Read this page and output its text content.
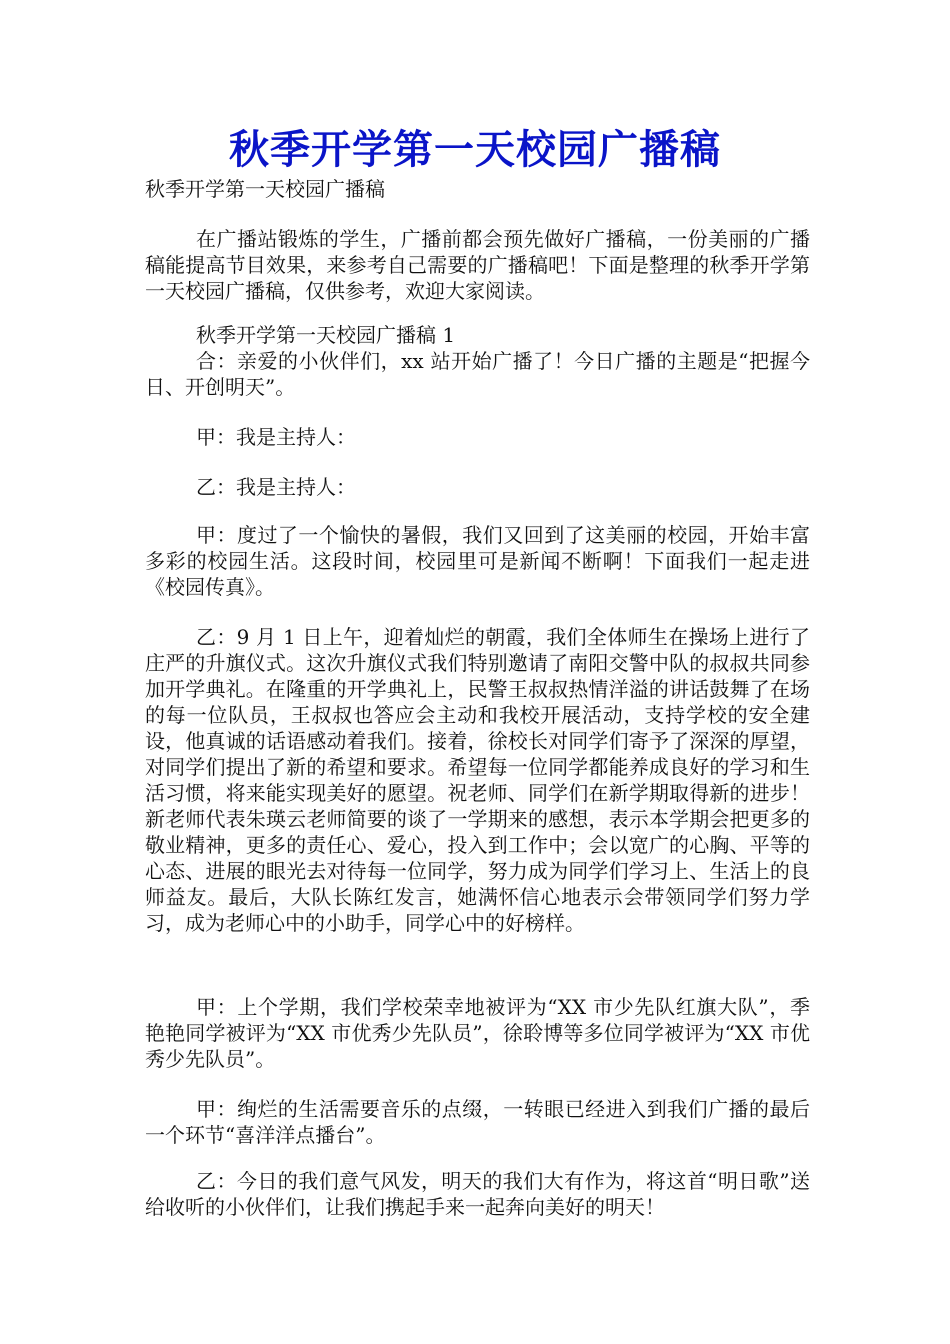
秋季开学第一天校园广播稿

秋季开学第一天校园广播稿

在广播站锻炼的学生，广播前都会预先做好广播稿，一份美丽的广播稿能提高节目效果，来参考自己需要的广播稿吧！下面是整理的秋季开学第一天校园广播稿，仅供参考，欢迎大家阅读。

秋季开学第一天校园广播稿 1

合：亲爱的小伙伴们，xx 站开始广播了！今日广播的主题是“把握今日、开创明天”。

甲：我是主持人：

乙：我是主持人：

甲：度过了一个愉快的暑假，我们又回到了这美丽的校园，开始丰富多彩的校园生活。这段时间，校园里可是新闻不断啊！下面我们一起走进《校园传真》。

乙：9 月 1 日上午，迎着灿烂的朝霞，我们全体师生在操场上进行了庄严的升旗仪式。这次升旗仪式我们特别邀请了南阳交警中队的叔叔共同参加开学典礼。在隆重的开学典礼上，民警王叔叔热情洋溢的讲话鼓舞了在场的每一位队员，王叔叔也答应会主动和我校开展活动，支持学校的安全建设，他真诚的话语感动着我们。接着，徐校长对同学们寄予了深深的厚望，对同学们提出了新的希望和要求。希望每一位同学都能养成良好的学习和生活习惯，将来能实现美好的愿望。祝老师、同学们在新学期取得新的进步！新老师代表朱瑛云老师简要的谈了一学期来的感想，表示本学期会把更多的敬业精神，更多的责任心、爱心，投入到工作中；会以宽广的心胸、平等的心态、进展的眼光去对待每一位同学，努力成为同学们学习上、生活上的良师益友。最后，大队长陈红发言，她满怀信心地表示会带领同学们努力学习，成为老师心中的小助手，同学心中的好榜样。

甲：上个学期，我们学校荣幸地被评为“XX 市少先队红旗大队”，季艳艳同学被评为“XX 市优秀少先队员”，徐聆博等多位同学被评为“XX 市优秀少先队员”。

甲：绚烂的生活需要音乐的点缀，一转眼已经进入到我们广播的最后一个环节“喜洋洋点播台”。

乙：今日的我们意气风发，明天的我们大有作为，将这首“明日歌”送给收听的小伙伴们，让我们携起手来一起奔向美好的明天！
